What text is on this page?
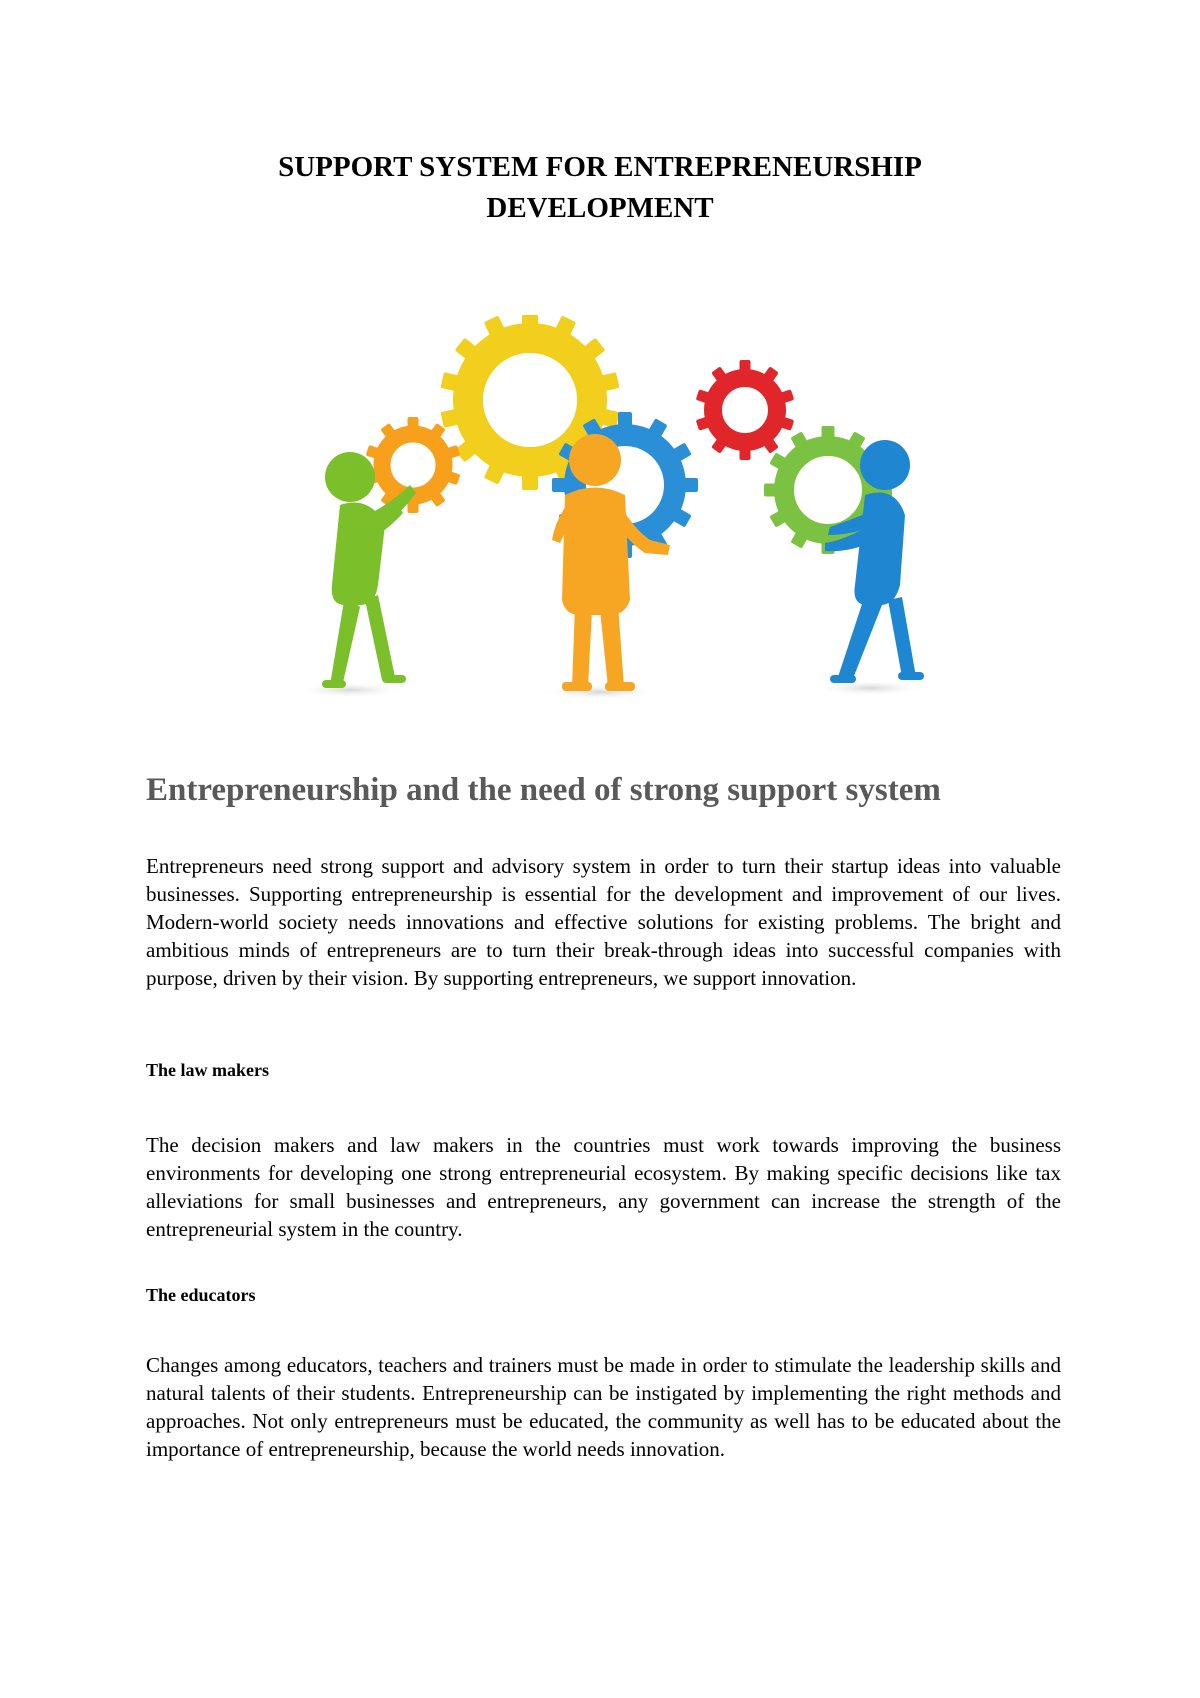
SUPPORT SYSTEM FOR ENTREPRENEURSHIP
DEVELOPMENT
Entrepreneurship and the need of strong support system

Entrepreneurs need strong support and advisory system in order to turn their startup ideas into valuable businesses. Supporting entrepreneurship is essential for the development and improvement of our lives. Modern-world society needs innovations and effective solutions for existing problems. The bright and ambitious minds of entrepreneurs are to turn their break-through ideas into successful companies with purpose, driven by their vision. By supporting entrepreneurs, we support innovation.

The law makers

The decision makers and law makers in the countries must work towards improving the business environments for developing one strong entrepreneurial ecosystem. By making specific decisions like tax alleviations for small businesses and entrepreneurs, any government can increase the strength of the entrepreneurial system in the country.

The educators

Changes among educators, teachers and trainers must be made in order to stimulate the leadership skills and natural talents of their students. Entrepreneurship can be instigated by implementing the right methods and approaches. Not only entrepreneurs must be educated, the community as well has to be educated about the importance of entrepreneurship, because the world needs innovation.
